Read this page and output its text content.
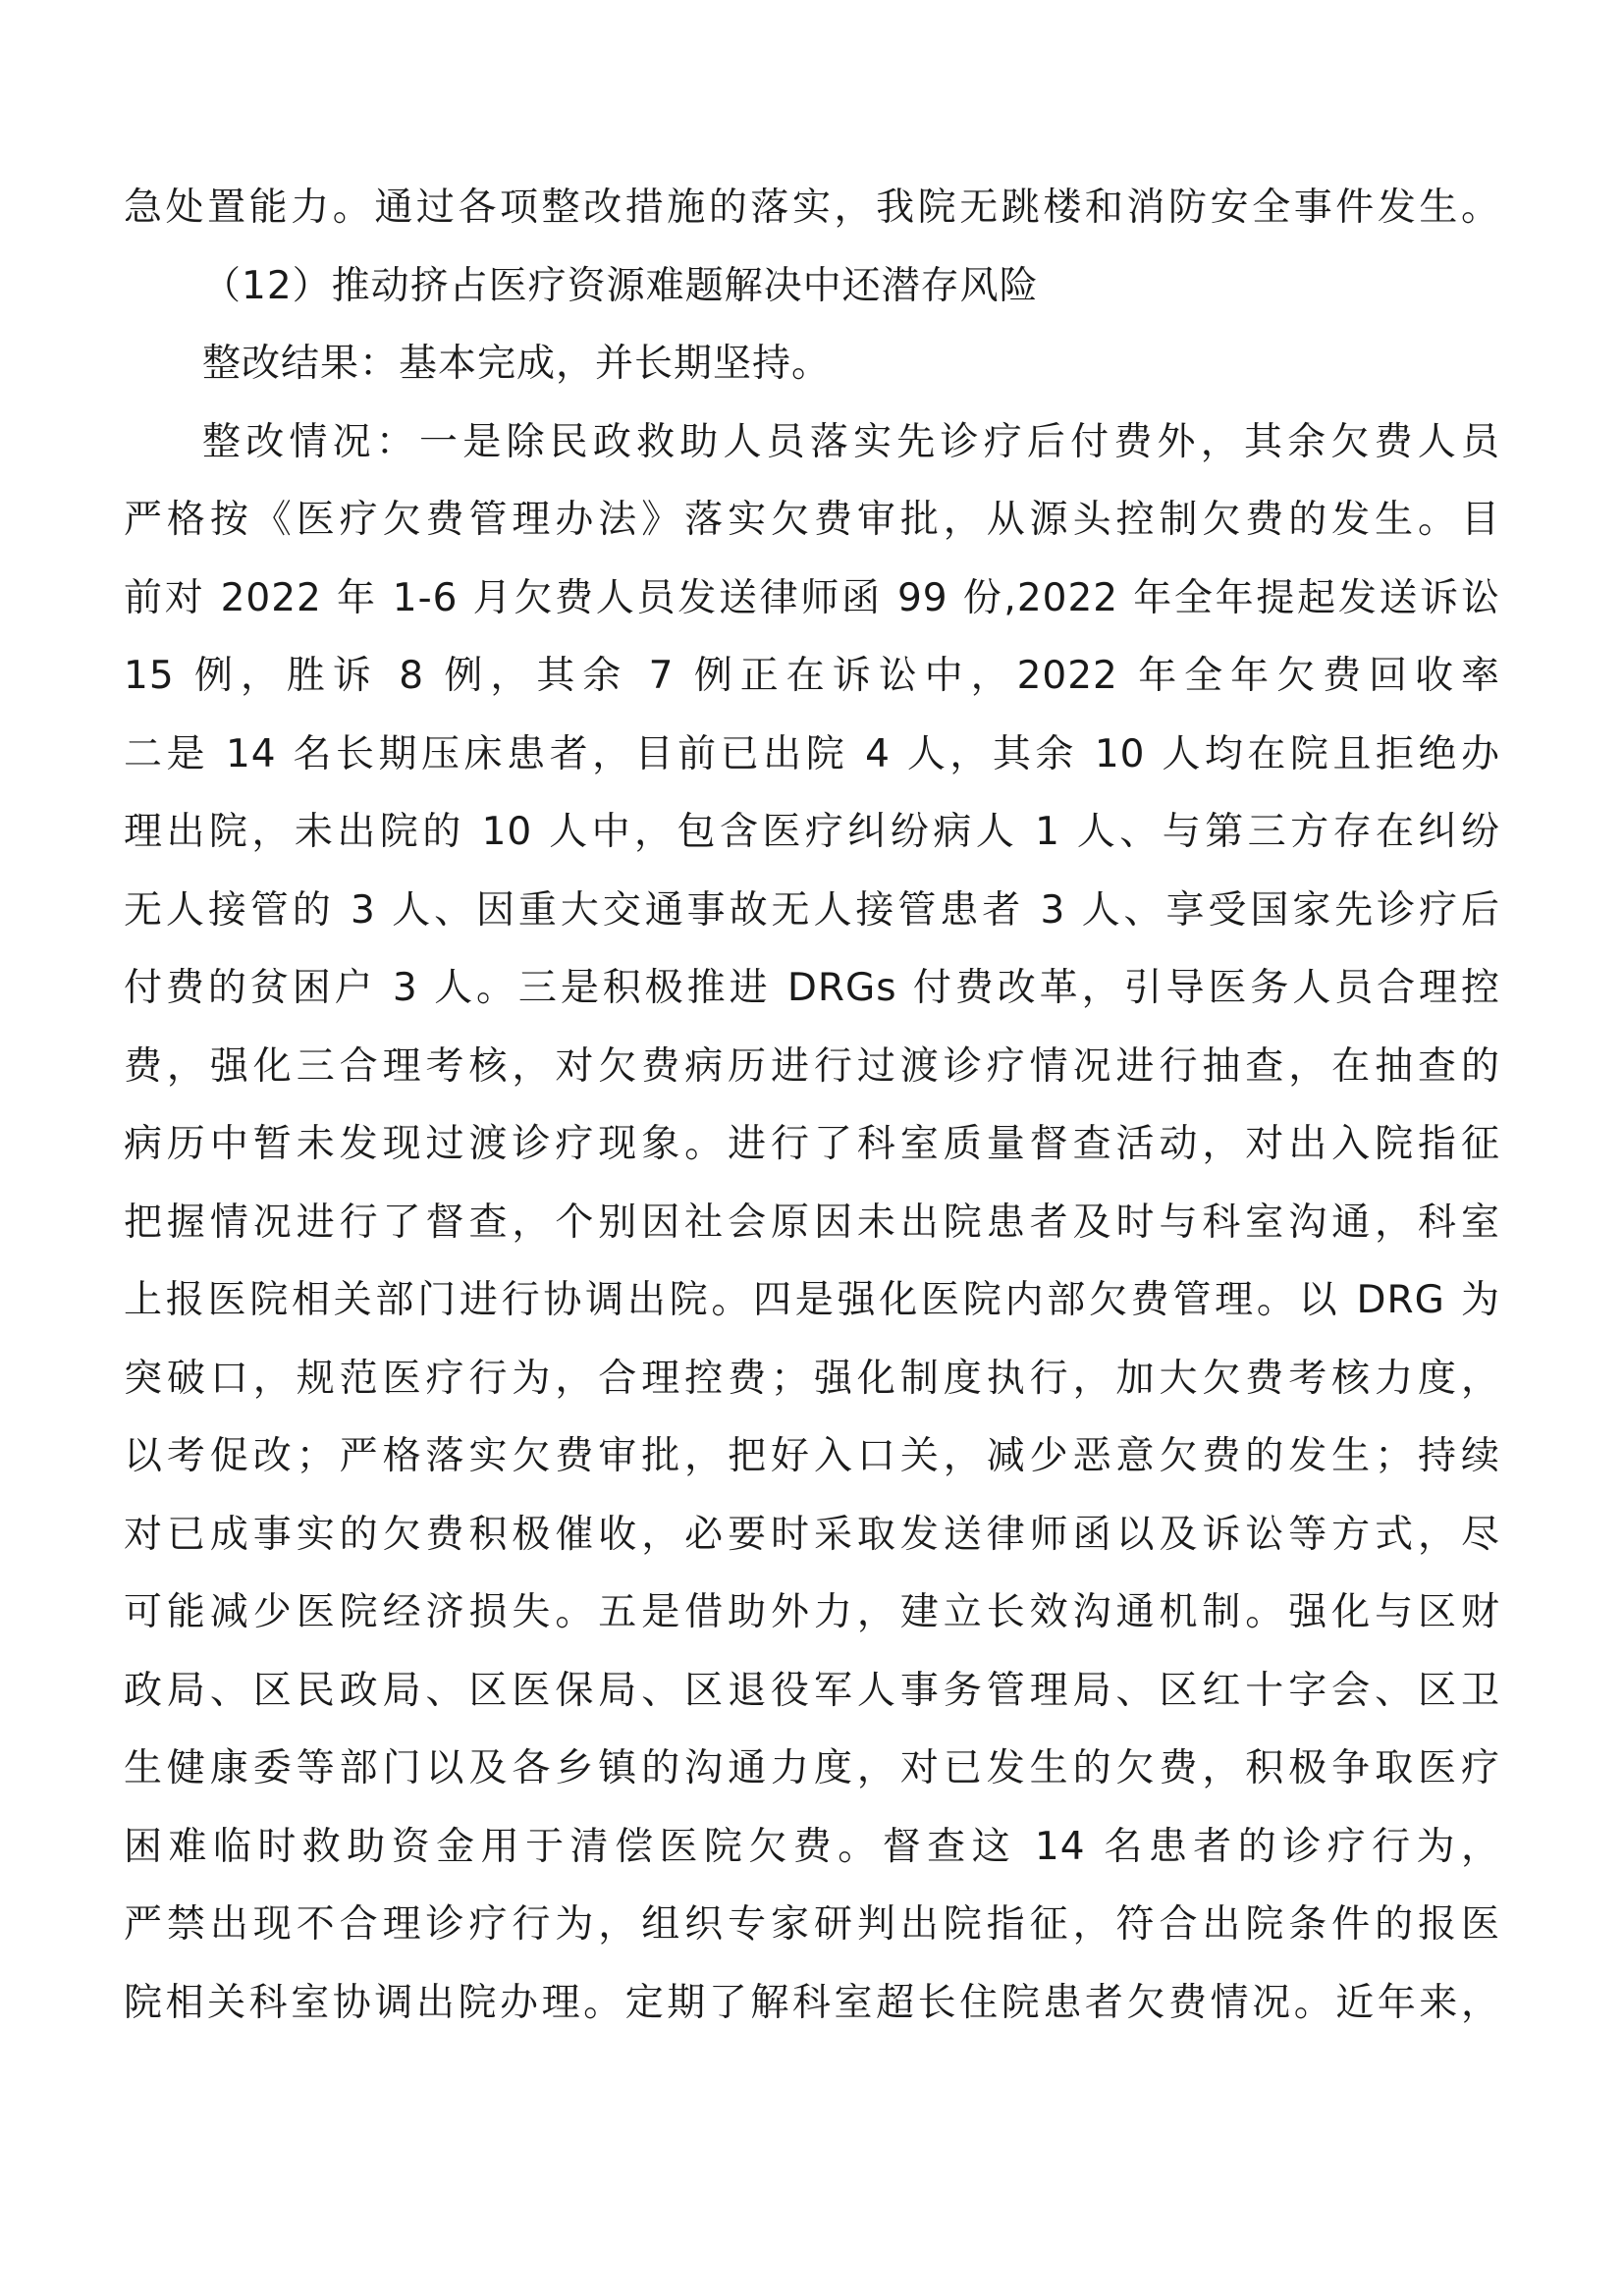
急处置能力。通过各项整改措施的落实，我院无跳楼和消防安全事件发生。
（12）推动挤占医疗资源难题解决中还潜存风险
整改结果：基本完成，并长期坚持。
整改情况：一是除民政救助人员落实先诊疗后付费外，其余欠费人员
严格按《医疗欠费管理办法》落实欠费审批，从源头控制欠费的发生。目
前对 2022 年 1-6 月欠费人员发送律师函 99 份,2022 年全年提起发送诉讼
15 例，胜诉 8 例，其余 7 例正在诉讼中，2022 年全年欠费回收率
二是 14 名长期压床患者，目前已出院 4 人，其余 10 人均在院且拒绝办
理出院，未出院的 10 人中，包含医疗纠纷病人 1 人、与第三方存在纠纷
无人接管的 3 人、因重大交通事故无人接管患者 3 人、享受国家先诊疗后
付费的贫困户 3 人。三是积极推进 DRGs 付费改革，引导医务人员合理控
费，强化三合理考核，对欠费病历进行过渡诊疗情况进行抽查，在抽查的
病历中暂未发现过渡诊疗现象。进行了科室质量督查活动，对出入院指征
把握情况进行了督查，个别因社会原因未出院患者及时与科室沟通，科室
上报医院相关部门进行协调出院。四是强化医院内部欠费管理。以 DRG 为
突破口，规范医疗行为，合理控费；强化制度执行，加大欠费考核力度，
以考促改；严格落实欠费审批，把好入口关，减少恶意欠费的发生；持续
对已成事实的欠费积极催收，必要时采取发送律师函以及诉讼等方式，尽
可能减少医院经济损失。五是借助外力，建立长效沟通机制。强化与区财
政局、区民政局、区医保局、区退役军人事务管理局、区红十字会、区卫
生健康委等部门以及各乡镇的沟通力度，对已发生的欠费，积极争取医疗
困难临时救助资金用于清偿医院欠费。督查这 14 名患者的诊疗行为，
严禁出现不合理诊疗行为，组织专家研判出院指征，符合出院条件的报医
院相关科室协调出院办理。定期了解科室超长住院患者欠费情况。近年来，
